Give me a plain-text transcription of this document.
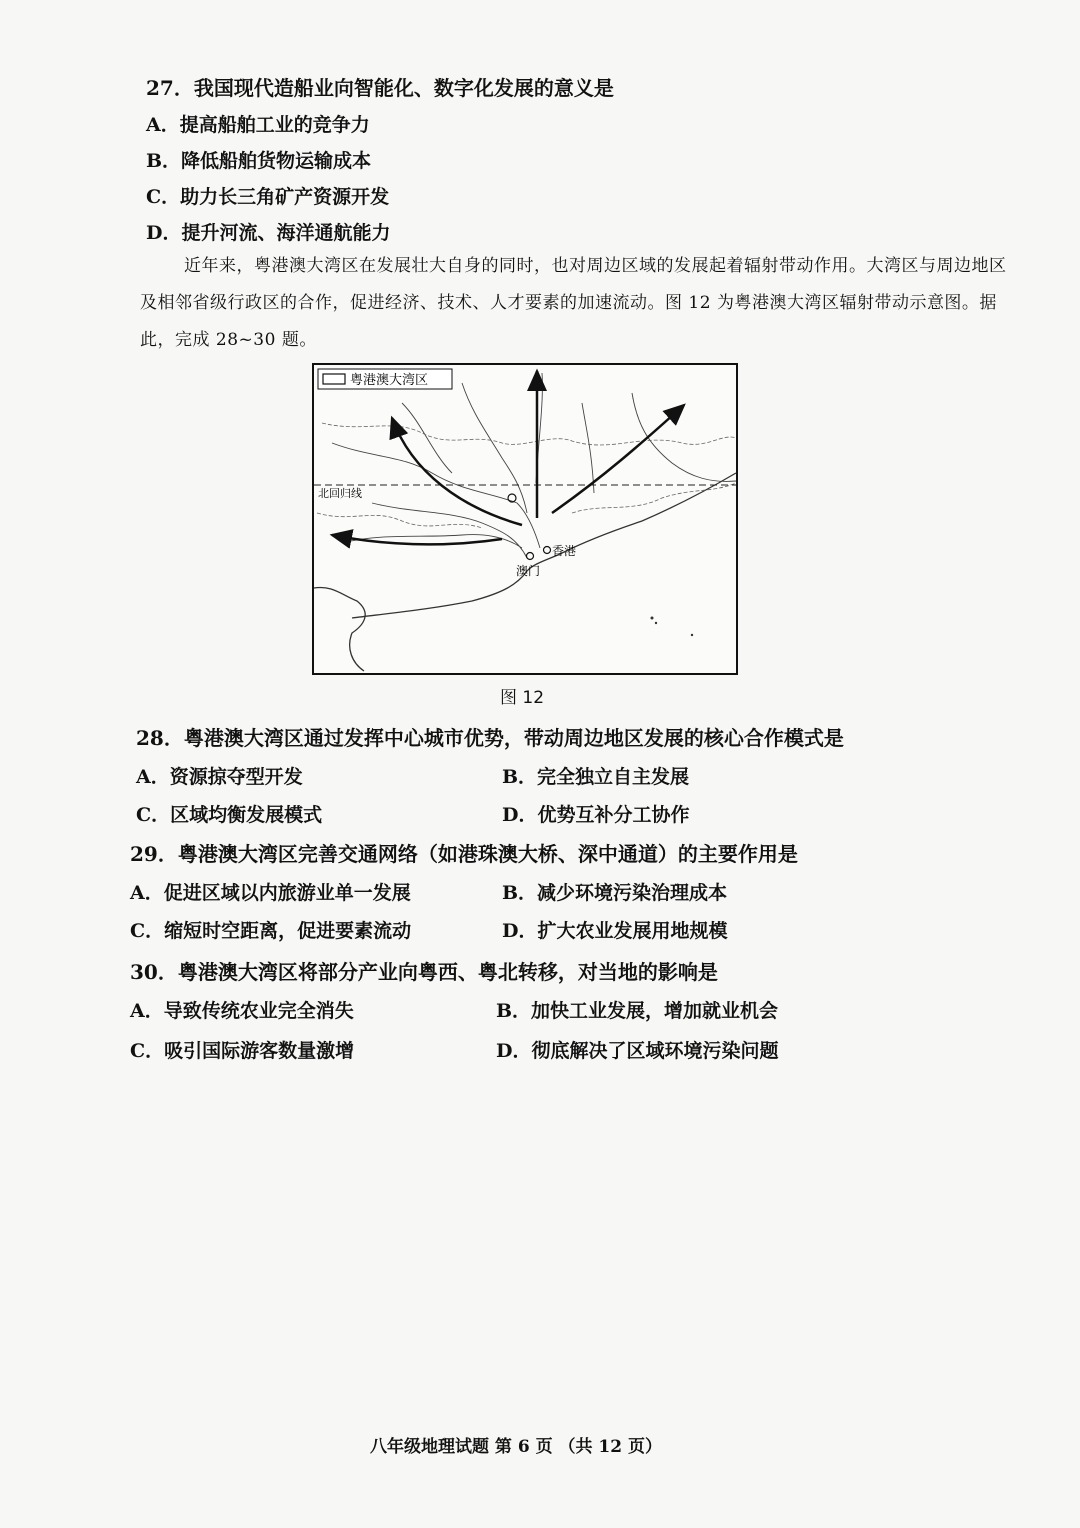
27．我国现代造船业向智能化、数字化发展的意义是
A．提高船舶工业的竞争力
B．降低船舶货物运输成本
C．助力长三角矿产资源开发
D．提升河流、海洋通航能力
近年来，粤港澳大湾区在发展壮大自身的同时，也对周边区域的发展起着辐射带动作用。大湾区与周边地区及相邻省级行政区的合作，促进经济、技术、人才要素的加速流动。图 12 为粤港澳大湾区辐射带动示意图。据此，完成 28~30 题。
粤港澳大湾区
北回归线
香港
澳门
图 12
28．粤港澳大湾区通过发挥中心城市优势，带动周边地区发展的核心合作模式是
A．资源掠夺型开发	B．完全独立自主发展
C．区域均衡发展模式	D．优势互补分工协作
29．粤港澳大湾区完善交通网络（如港珠澳大桥、深中通道）的主要作用是
A．促进区域以内旅游业单一发展	B．减少环境污染治理成本
C．缩短时空距离，促进要素流动	D．扩大农业发展用地规模
30．粤港澳大湾区将部分产业向粤西、粤北转移，对当地的影响是
A．导致传统农业完全消失	B．加快工业发展，增加就业机会
C．吸引国际游客数量激增	D．彻底解决了区域环境污染问题
八年级地理试题 第 6 页 （共 12 页）
